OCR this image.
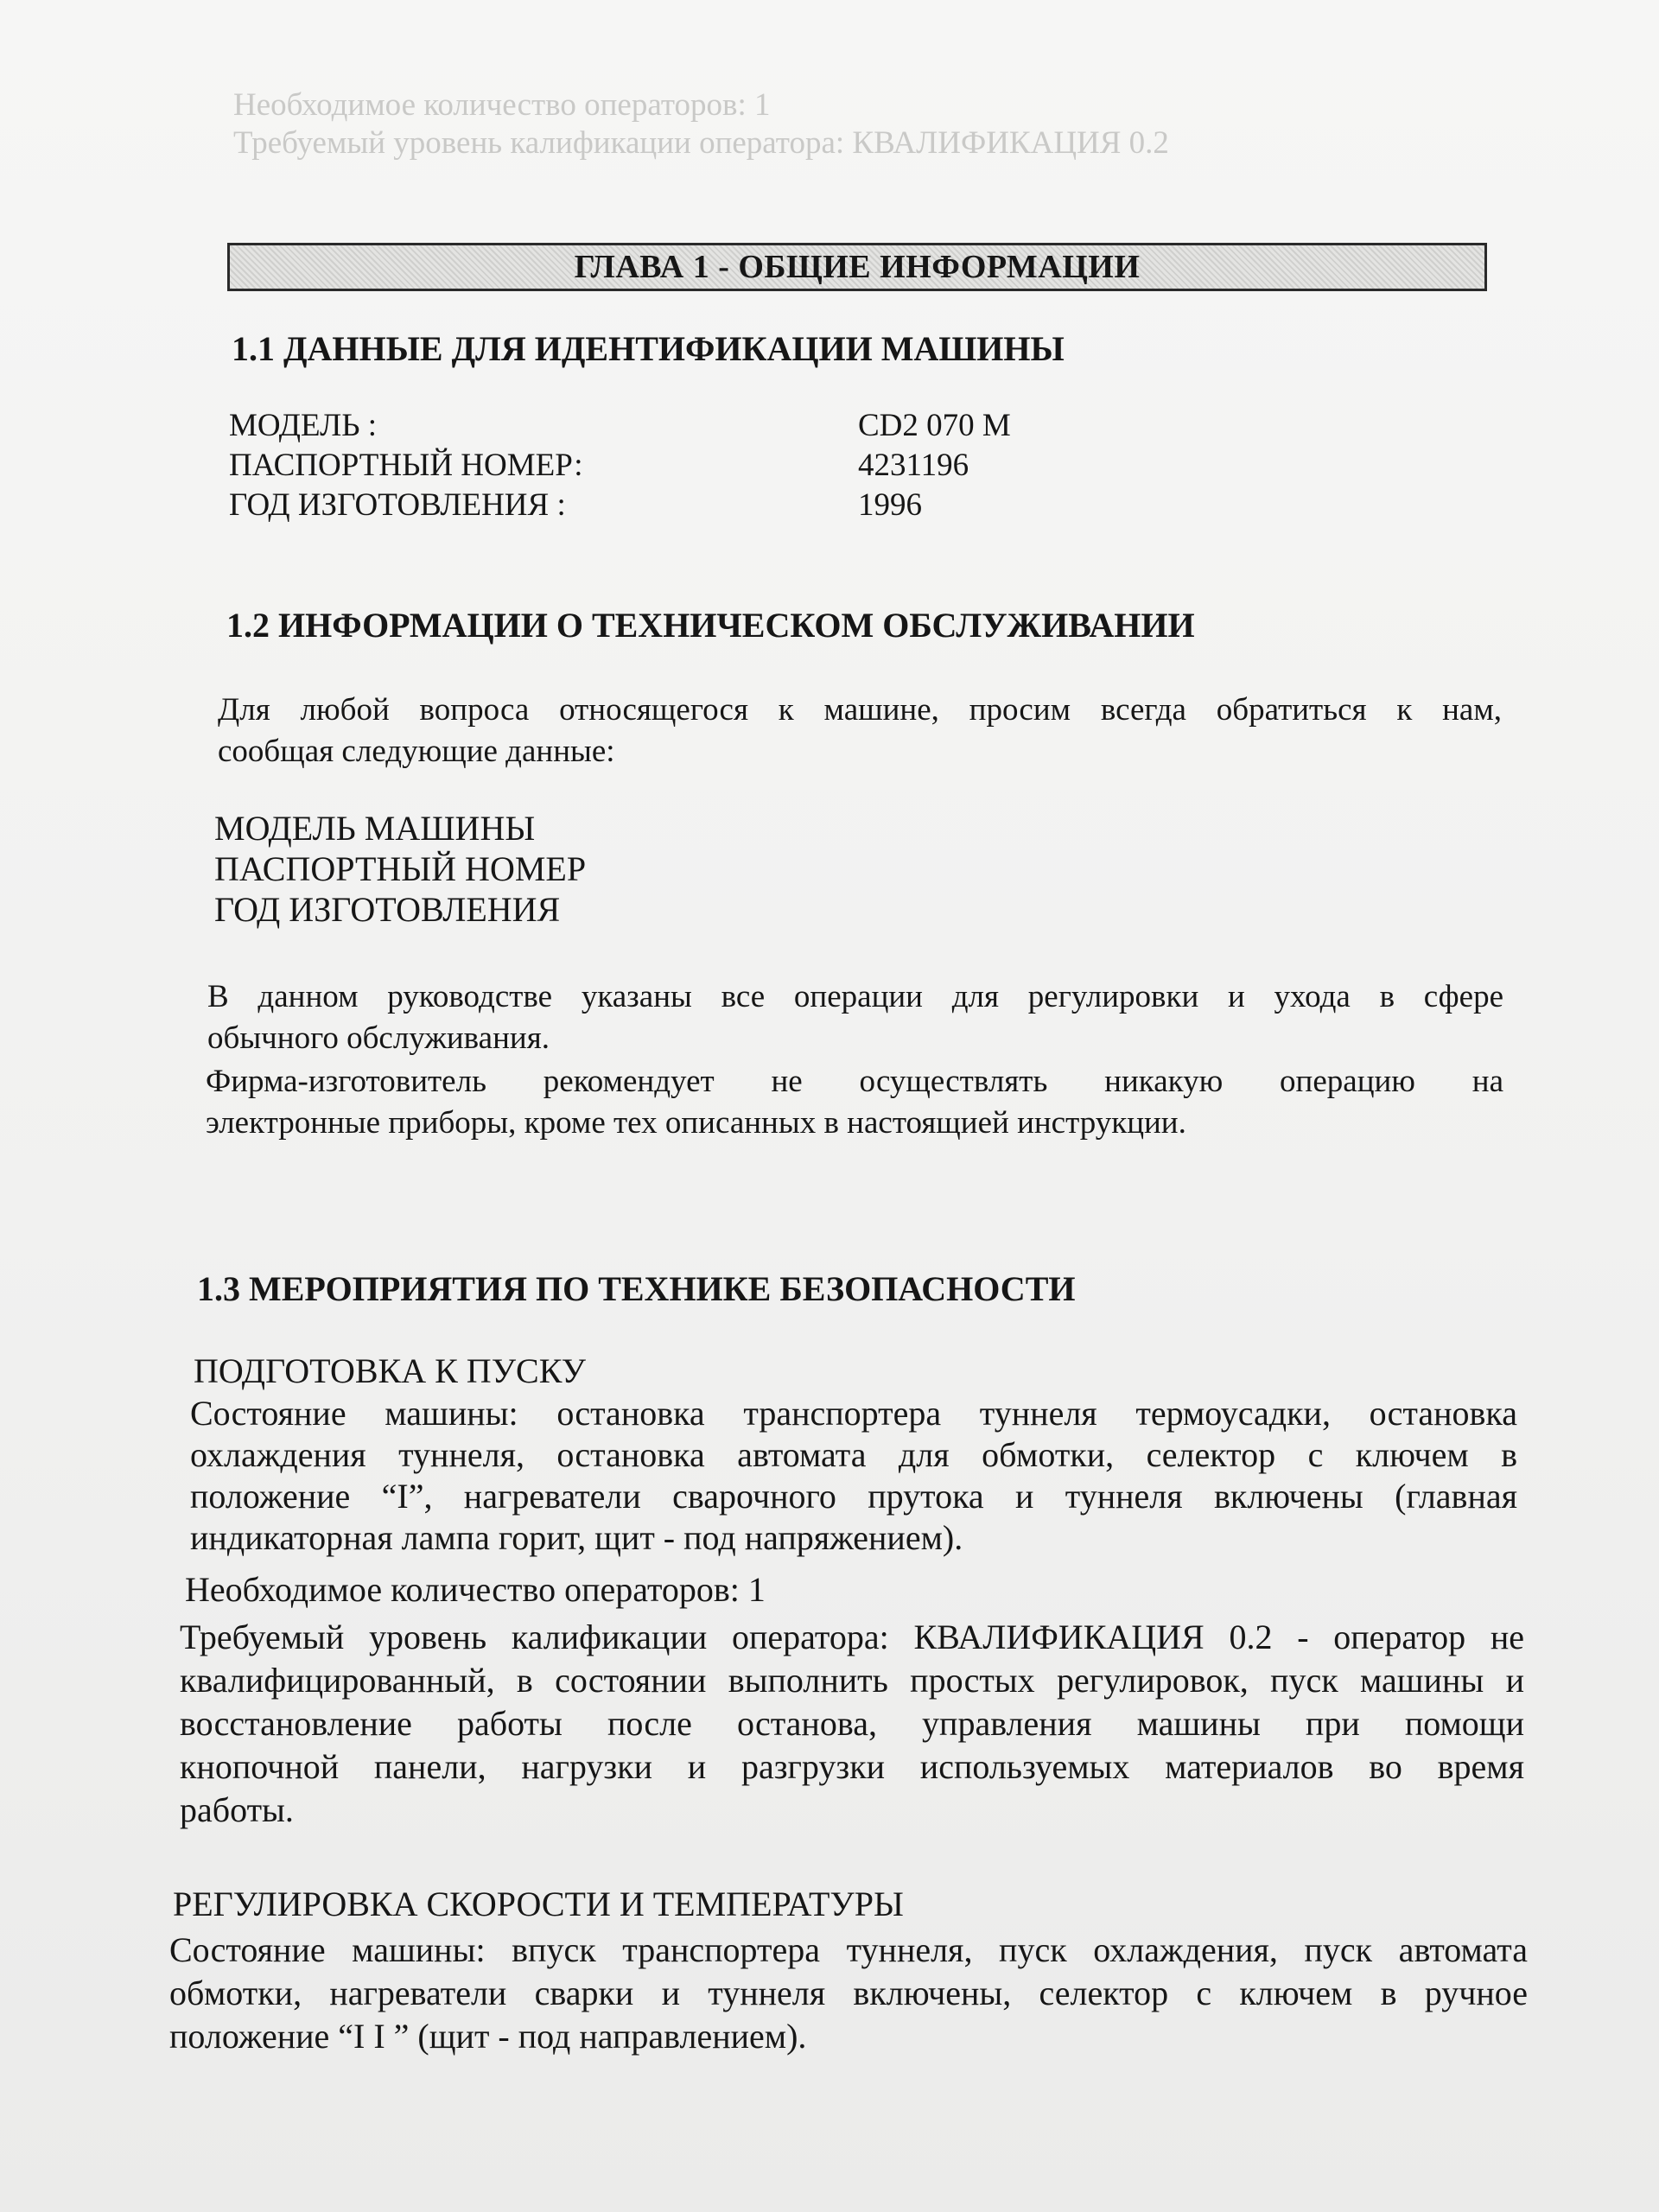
Необходимое количество операторов: 1
Требуемый уровень калификации оператора: КВАЛИФИКАЦИЯ 0.2
ГЛАВА 1 - ОБЩИЕ ИНФОРМАЦИИ
1.1 ДАННЫЕ ДЛЯ ИДЕНТИФИКАЦИИ МАШИНЫ
МОДЕЛЬ :	CD2 070 M
ПАСПОРТНЫЙ НОМЕР:	4231196
ГОД ИЗГОТОВЛЕНИЯ :	1996
1.2 ИНФОРМАЦИИ О ТЕХНИЧЕСКОМ ОБСЛУЖИВАНИИ
Для любой вопроса относящегося к машине, просим всегда обратиться к нам,
сообщая следующие данные:
МОДЕЛЬ МАШИНЫ
ПАСПОРТНЫЙ НОМЕР
ГОД ИЗГОТОВЛЕНИЯ
В данном руководстве указаны все операции для регулировки и ухода в сфере
обычного обслуживания.
Фирма-изготовитель рекомендует не осуществлять никакую операцию на
электронные приборы, кроме тех описанных в настоящией инструкции.
1.3 МЕРОПРИЯТИЯ ПО ТЕХНИКЕ БЕЗОПАСНОСТИ
ПОДГОТОВКА К ПУСКУ
Состояние машины: остановка транспортера туннеля термоусадки, остановка
охлаждения туннеля, остановка автомата для обмотки, селектор с ключем в
положение “I”, нагреватели сварочного прутока и туннеля включены (главная
индикаторная лампа горит, щит - под напряжением).
Необходимое количество операторов: 1
Требуемый уровень калификации оператора: КВАЛИФИКАЦИЯ 0.2 - оператор не
квалифицированный, в состоянии выполнить простых регулировок, пуск машины и
восстановление работы после останова, управления машины при помощи
кнопочной панели, нагрузки и разгрузки используемых материалов во время
работы.
РЕГУЛИРОВКА СКОРОСТИ И ТЕМПЕРАТУРЫ
Состояние машины: впуск транспортера туннеля, пуск охлаждения, пуск автомата
обмотки, нагреватели сварки и туннеля включены, селектор с ключем в ручное
положение “I I ” (щит - под направлением).
